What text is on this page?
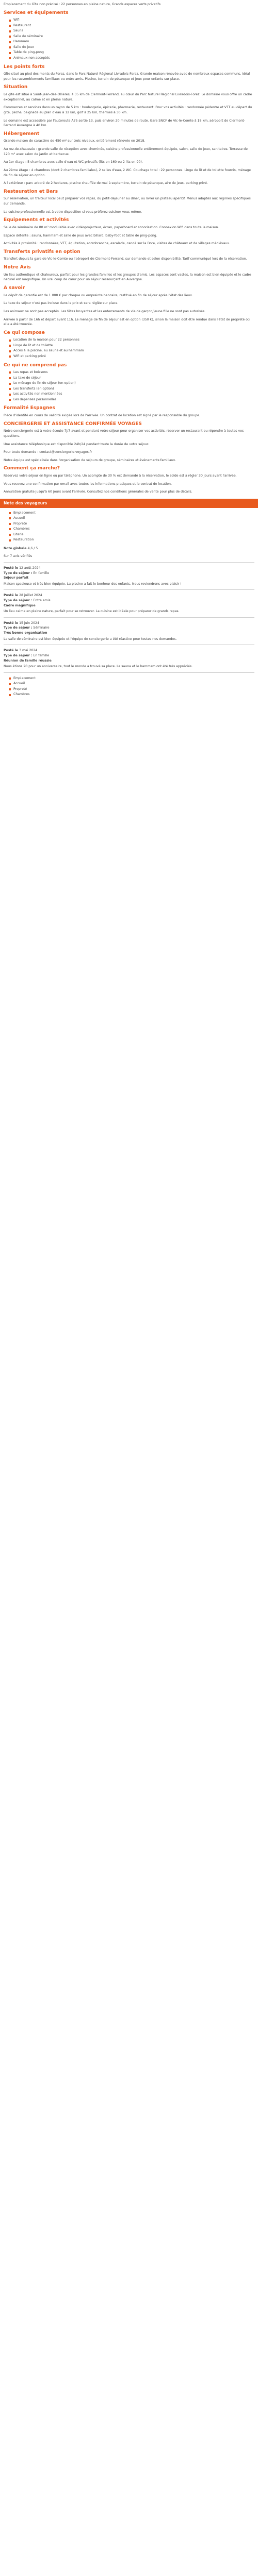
Emplacement du Gîte non précisé : 22 personnes en pleine nature, Grands espaces verts privatifs

Services et équipements
Wifi
Restaurant
Sauna
Salle de séminaire
Hammam
Salle de jeux
Table de ping-pong
Animaux non acceptés
Les points forts

Gîte situé au pied des monts du Forez, dans le Parc Naturel Régional Livradois-Forez. Grande maison rénovée avec de nombreux espaces communs, idéal pour les rassemblements familiaux ou entre amis. Piscine, terrain de pétanque et jeux pour enfants sur place.

Situation

Le gîte est situé à Saint-Jean-des-Ollières, à 35 km de Clermont-Ferrand, au cœur du Parc Naturel Régional Livradois-Forez. Le domaine vous offre un cadre exceptionnel, au calme et en pleine nature.

Commerces et services dans un rayon de 5 km : boulangerie, épicerie, pharmacie, restaurant. Pour vos activités : randonnée pédestre et VTT au départ du gîte, pêche, baignade au plan d'eau à 12 km, golf à 25 km, thermes à 30 km.

Le domaine est accessible par l'autoroute A75 sortie 13, puis environ 20 minutes de route. Gare SNCF de Vic-le-Comte à 18 km, aéroport de Clermont-Ferrand Auvergne à 40 km.

Hébergement

Grande maison de caractère de 450 m² sur trois niveaux, entièrement rénovée en 2018.

Au rez-de-chaussée : grande salle de réception avec cheminée, cuisine professionnelle entièrement équipée, salon, salle de jeux, sanitaires. Terrasse de 120 m² avec salon de jardin et barbecue.

Au 1er étage : 5 chambres avec salle d'eau et WC privatifs (lits en 160 ou 2 lits en 90).

Au 2ème étage : 4 chambres (dont 2 chambres familiales), 2 salles d'eau, 2 WC. Couchage total : 22 personnes. Linge de lit et de toilette fournis, ménage de fin de séjour en option.

À l'extérieur : parc arboré de 2 hectares, piscine chauffée de mai à septembre, terrain de pétanque, aire de jeux, parking privé.

Restauration et Bars

Sur réservation, un traiteur local peut préparer vos repas, du petit-déjeuner au dîner, ou livrer un plateau apéritif. Menus adaptés aux régimes spécifiques sur demande.

La cuisine professionnelle est à votre disposition si vous préférez cuisiner vous-même.

Equipements et activités

Salle de séminaire de 80 m² modulable avec vidéoprojecteur, écran, paperboard et sonorisation. Connexion Wifi dans toute la maison.

Espace détente : sauna, hammam et salle de jeux avec billard, baby-foot et table de ping-pong.

Activités à proximité : randonnées, VTT, équitation, accrobranche, escalade, canoë sur la Dore, visites de châteaux et de villages médiévaux.

Transferts privatifs en option

Transfert depuis la gare de Vic-le-Comte ou l'aéroport de Clermont-Ferrand, sur demande et selon disponibilité. Tarif communiqué lors de la réservation.

Notre Avis

Un lieu authentique et chaleureux, parfait pour les grandes familles et les groupes d'amis. Les espaces sont vastes, la maison est bien équipée et le cadre naturel est magnifique. Un vrai coup de cœur pour un séjour ressourçant en Auvergne.

A savoir

Le dépôt de garantie est de 1 000 € par chèque ou empreinte bancaire, restitué en fin de séjour après l'état des lieux.

La taxe de séjour n'est pas incluse dans le prix et sera réglée sur place.

Les animaux ne sont pas acceptés. Les fêtes bruyantes et les enterrements de vie de garçon/jeune fille ne sont pas autorisés.

Arrivée à partir de 16h et départ avant 11h. Le ménage de fin de séjour est en option (350 €), sinon la maison doit être rendue dans l'état de propreté où elle a été trouvée.

Ce qui compose
Location de la maison pour 22 personnes
Linge de lit et de toilette
Accès à la piscine, au sauna et au hammam
Wifi et parking privé
Ce qui ne comprend pas
Les repas et boissons
La taxe de séjour
Le ménage de fin de séjour (en option)
Les transferts (en option)
Les activités non mentionnées
Les dépenses personnelles
Formalité Espagnes

Pièce d'identité en cours de validité exigée lors de l'arrivée. Un contrat de location est signé par le responsable du groupe.

CONCIERGERIE ET ASSISTANCE CONFIRMÉE VOYAGES

Notre conciergerie est à votre écoute 7j/7 avant et pendant votre séjour pour organiser vos activités, réserver un restaurant ou répondre à toutes vos questions.

Une assistance téléphonique est disponible 24h/24 pendant toute la durée de votre séjour.

Pour toute demande : contact@conciergerie-voyages.fr

Notre équipe est spécialisée dans l'organisation de séjours de groupe, séminaires et événements familiaux.

Comment ça marche?

Réservez votre séjour en ligne ou par téléphone. Un acompte de 30 % est demandé à la réservation, le solde est à régler 30 jours avant l'arrivée.

Vous recevez une confirmation par email avec toutes les informations pratiques et le contrat de location.

Annulation gratuite jusqu'à 60 jours avant l'arrivée. Consultez nos conditions générales de vente pour plus de détails.

Note des voyageurs
Emplacement
Accueil
Propreté
Chambres
Literie
Restauration

Note globale 4,6 / 5

Sur 7 avis vérifiés

Posté le 12 août 2024

Type de séjour : En famille

Séjour parfait

Maison spacieuse et très bien équipée. La piscine a fait le bonheur des enfants. Nous reviendrons avec plaisir !

Posté le 28 juillet 2024

Type de séjour : Entre amis

Cadre magnifique

Un lieu calme en pleine nature, parfait pour se retrouver. La cuisine est idéale pour préparer de grands repas.

Posté le 15 juin 2024

Type de séjour : Séminaire

Très bonne organisation

La salle de séminaire est bien équipée et l'équipe de conciergerie a été réactive pour toutes nos demandes.

Posté le 3 mai 2024

Type de séjour : En famille

Réunion de famille réussie

Nous étions 20 pour un anniversaire, tout le monde a trouvé sa place. Le sauna et le hammam ont été très appréciés.

Emplacement
Accueil
Propreté
Chambres
